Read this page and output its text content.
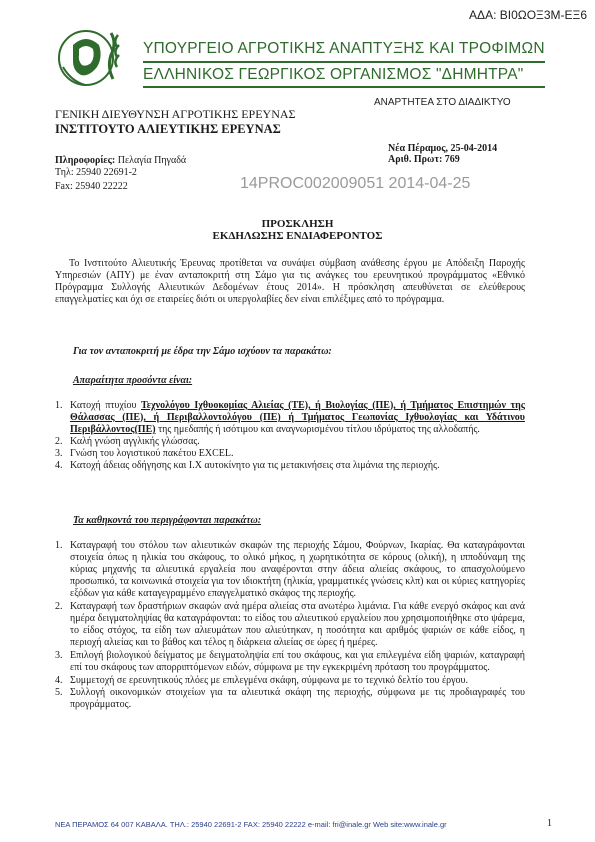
ΑΔΑ: ΒΙ0ΩΟΞ3Μ-ΕΞ6
ΥΠΟΥΡΓΕΙΟ ΑΓΡΟΤΙΚΗΣ ΑΝΑΠΤΥΞΗΣ ΚΑΙ ΤΡΟΦΙΜΩΝ
ΕΛΛΗΝΙΚΟΣ ΓΕΩΡΓΙΚΟΣ ΟΡΓΑΝΙΣΜΟΣ "ΔΗΜΗΤΡΑ"
ΑΝΑΡΤΗΤΕΑ ΣΤΟ ΔΙΑΔΙΚΤΥΟ
ΓΕΝΙΚΗ ΔΙΕΥΘΥΝΣΗ ΑΓΡΟΤΙΚΗΣ ΕΡΕΥΝΑΣ
ΙΝΣΤΙΤΟΥΤΟ ΑΛΙΕΥΤΙΚΗΣ ΕΡΕΥΝΑΣ
Νέα Πέραμος, 25-04-2014
Αριθ. Πρωτ: 769
Πληροφορίες: Πελαγία Πηγαδά
Τηλ: 25940 22691-2
Fax: 25940 22222	14PROC002009051 2014-04-25
ΠΡΟΣΚΛΗΣΗ
ΕΚΔΗΛΩΣΗΣ ΕΝΔΙΑΦΕΡΟΝΤΟΣ
Το Ινστιτούτο Αλιευτικής Έρευνας προτίθεται να συνάψει σύμβαση ανάθεσης έργου με Απόδειξη Παροχής Υπηρεσιών (ΑΠΥ) με έναν ανταποκριτή στη Σάμο για τις ανάγκες του ερευνητικού προγράμματος «Εθνικό Πρόγραμμα Συλλογής Αλιευτικών Δεδομένων έτους 2014». Η πρόσκληση απευθύνεται σε ελεύθερους επαγγελματίες και όχι σε εταιρείες διότι οι υπεργολαβίες δεν είναι επιλέξιμες από το πρόγραμμα.
Για τον ανταποκριτή με έδρα την Σάμο ισχύουν τα παρακάτω:
Απαραίτητα προσόντα είναι:
1. Κατοχή πτυχίου Τεχνολόγου Ιχθυοκομίας Αλιείας (ΤΕ), ή Βιολογίας (ΠΕ), ή Τμήματος Επιστημών της Θάλασσας (ΠΕ), ή Περιβαλλοντολόγου (ΠΕ) ή Τμήματος Γεωπονίας Ιχθυολογίας και Υδάτινου Περιβάλλοντος(ΠΕ) της ημεδαπής ή ισότιμου και αναγνωρισμένου τίτλου ιδρύματος της αλλοδαπής.
2. Καλή γνώση αγγλικής γλώσσας.
3. Γνώση του λογιστικού πακέτου EXCEL.
4. Κατοχή άδειας οδήγησης και Ι.Χ αυτοκίνητο για τις μετακινήσεις στα λιμάνια της περιοχής.
Τα καθηκοντά του περιγράφονται παρακάτω:
1. Καταγραφή του στόλου των αλιευτικών σκαφών της περιοχής Σάμου, Φούρνων, Ικαρίας. Θα καταγράφονται στοιχεία όπως η ηλικία του σκάφους, το ολικό μήκος, η χωρητικότητα σε κόρους (ολική), η ιπποδύναμη της κύριας μηχανής τα αλιευτικά εργαλεία που αναφέρονται στην άδεια αλιείας σκάφους, το απασχολούμενο προσωπικό, τα κοινωνικά στοιχεία για τον ιδιοκτήτη (ηλικία, γραμματικές γνώσεις κλπ) και οι κύριες κατηγορίες εξόδων για κάθε καταγεγραμμένο επαγγελματικό σκάφος της περιοχής.
2. Καταγραφή των δραστήριων σκαφών ανά ημέρα αλιείας στα ανωτέρω λιμάνια. Για κάθε ενεργό σκάφος και ανά ημέρα δειγματοληψίας θα καταγράφονται: το είδος του αλιευτικού εργαλείου που χρησιμοποιήθηκε στο ψάρεμα, το είδος στόχος, τα είδη των αλιευμάτων που αλιεύτηκαν, η ποσότητα και αριθμός ψαριών σε κάθε είδος, η περιοχή αλιείας και το βάθος και τέλος η διάρκεια αλιείας σε ώρες ή ημέρες.
3. Επιλογή βιολογικού δείγματος με δειγματοληψία επί του σκάφους, και για επιλεγμένα είδη ψαριών, καταγραφή επί του σκάφους των απορριπτόμενων ειδών, σύμφωνα με την εγκεκριμένη πρόταση του προγράμματος.
4. Συμμετοχή σε ερευνητικούς πλόες με επιλεγμένα σκάφη, σύμφωνα με το τεχνικό δελτίο του έργου.
5. Συλλογή οικονομικών στοιχείων για τα αλιευτικά σκάφη της περιοχής, σύμφωνα με τις προδιαγραφές του προγράμματος.
ΝΕΑ ΠΕΡΑΜΟΣ 64 007 ΚΑΒΑΛΑ. ΤΗΛ.: 25940 22691-2 FAX: 25940 22222 e-mail: fri@inale.gr Web site:www.inale.gr	1
